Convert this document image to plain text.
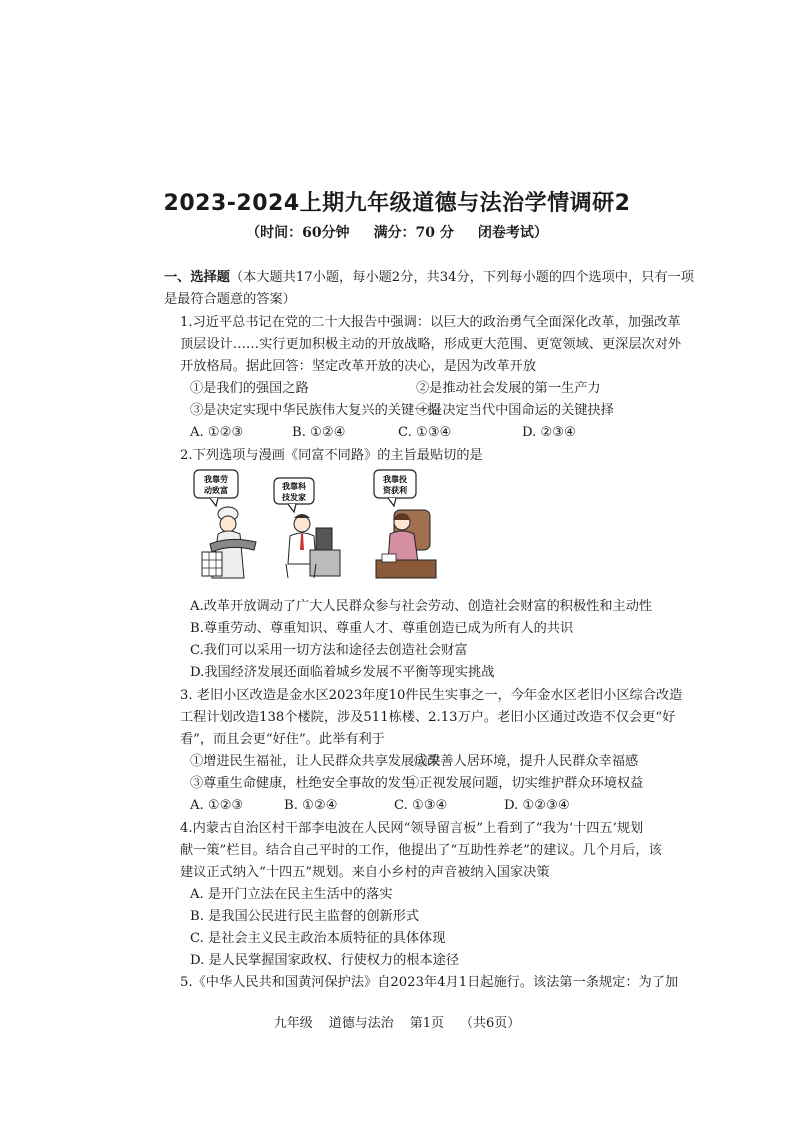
2023-2024上期九年级道德与法治学情调研2
（时间：60分钟 满分：70 分 闭卷考试）
一、选择题（本大题共17小题，每小题2分，共34分，下列每小题的四个选项中，只有一项
是最符合题意的答案）
1.习近平总书记在党的二十大报告中强调：以巨大的政治勇气全面深化改革，加强改革
顶层设计……实行更加积极主动的开放战略，形成更大范围、更宽领域、更深层次对外
开放格局。据此回答：坚定改革开放的决心，是因为改革开放
①是我们的强国之路	②是推动社会发展的第一生产力
③是决定实现中华民族伟大复兴的关键一招
④是决定当代中国命运的关键抉择
A. ①②③	B. ①②④	C. ①③④	D. ②③④
2.下列选项与漫画《同富不同路》的主旨最贴切的是
我靠劳
动致富	我靠科
技发家
我靠投
资获利
A.改革开放调动了广大人民群众参与社会劳动、创造社会财富的积极性和主动性
B.尊重劳动、尊重知识、尊重人才、尊重创造已成为所有人的共识
C.我们可以采用一切方法和途径去创造社会财富
D.我国经济发展还面临着城乡发展不平衡等现实挑战
3. 老旧小区改造是金水区2023年度10件民生实事之一，今年金水区老旧小区综合改造
工程计划改造138个楼院，涉及511栋楼、2.13万户。老旧小区通过改造不仅会更“好
看”，而且会更“好住”。此举有利于
①增进民生福祉，让人民群众共享发展成果
②改善人居环境，提升人民群众幸福感
③尊重生命健康，杜绝安全事故的发生
④正视发展问题，切实维护群众环境权益
A. ①②③	B. ①②④	C. ①③④	D. ①②③④
4.内蒙古自治区村干部李电波在人民网“领导留言板”上看到了“我为‘十四五’规划
献一策”栏目。结合自己平时的工作，他提出了“互助性养老”的建议。几个月后，该
建议正式纳入“十四五”规划。来自小乡村的声音被纳入国家决策
A. 是开门立法在民主生活中的落实
B. 是我国公民进行民主监督的创新形式
C. 是社会主义民主政治本质特征的具体体现
D. 是人民掌握国家政权、行使权力的根本途径
5.《中华人民共和国黄河保护法》自2023年4月1日起施行。该法第一条规定：为了加
九年级 道德与法治 第1页 （共6页）
